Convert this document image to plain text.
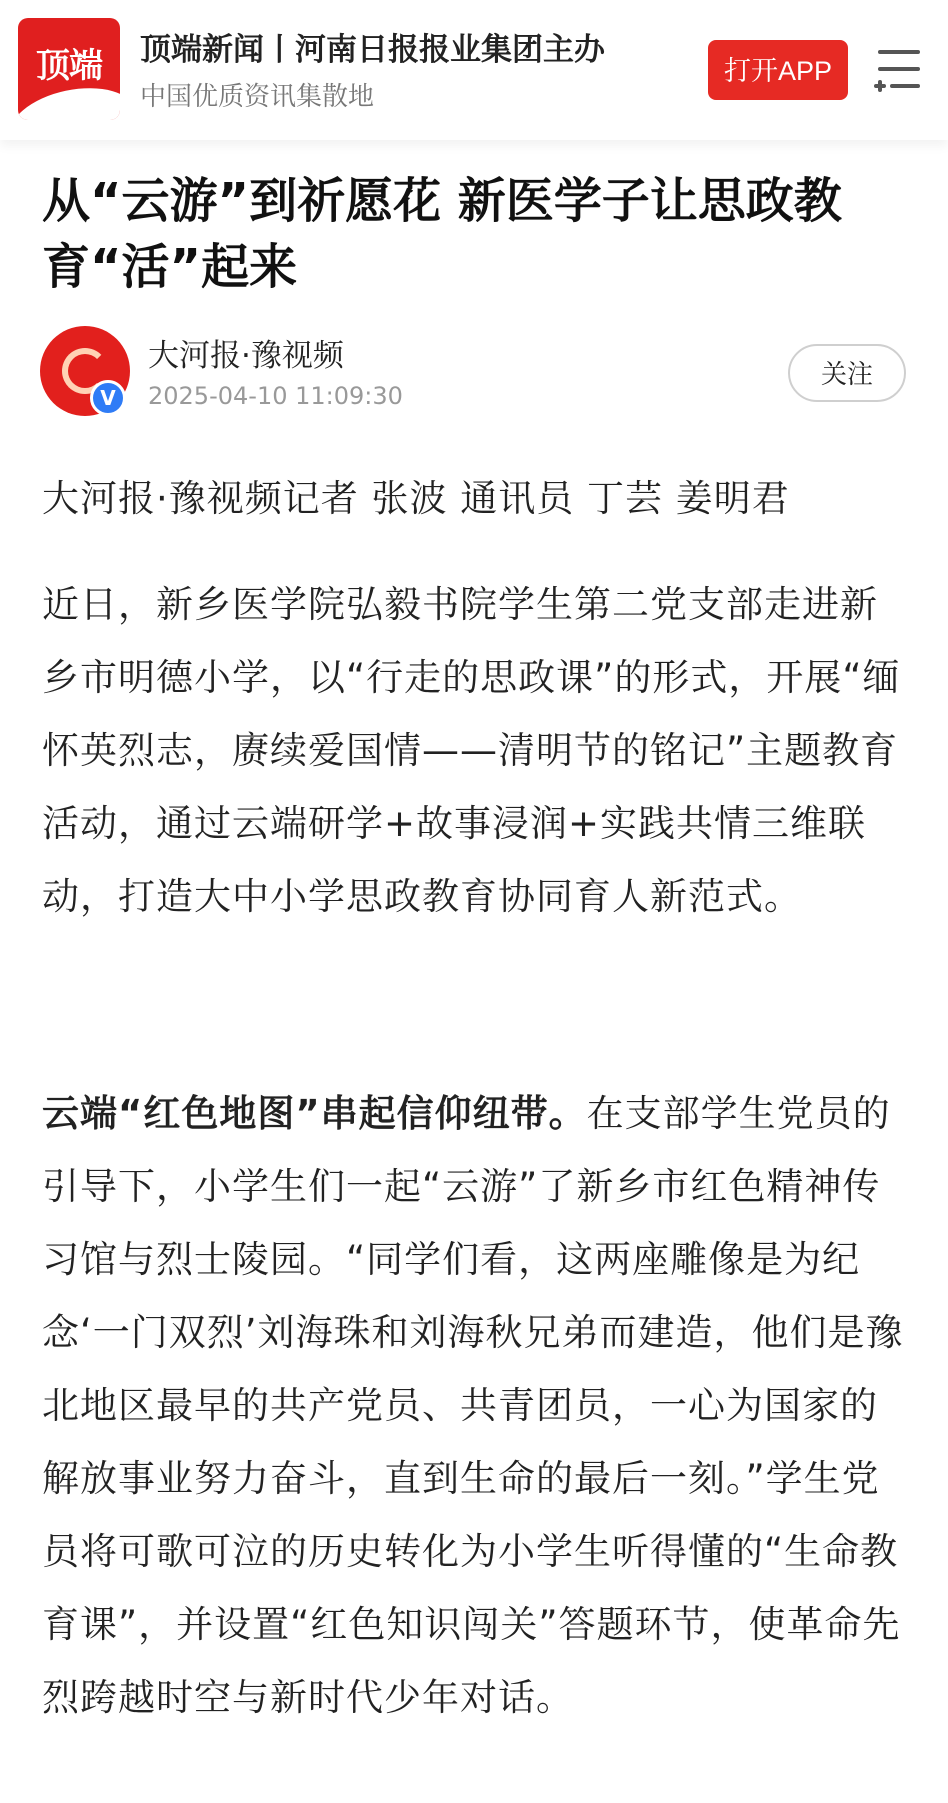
顶端	顶端新闻丨河南日报报业集团主办
中国优质资讯集散地
打开APP
从“云游”到祈愿花 新医学子让思政教育“活”起来
V
大河报·豫视频
2025-04-10 11:09:30
关注

大河报·豫视频记者 张波 通讯员 丁芸 姜明君

近日，新乡医学院弘毅书院学生第二党支部走进新乡市明德小学，以“行走的思政课”的形式，开展“缅怀英烈志，赓续爱国情——清明节的铭记”主题教育活动，通过云端研学+故事浸润+实践共情三维联动，打造大中小学思政教育协同育人新范式。

云端“红色地图”串起信仰纽带。在支部学生党员的引导下，小学生们一起“云游”了新乡市红色精神传习馆与烈士陵园。“同学们看，这两座雕像是为纪念‘一门双烈’刘海珠和刘海秋兄弟而建造，他们是豫北地区最早的共产党员、共青团员，一心为国家的解放事业努力奋斗，直到生命的最后一刻。”学生党员将可歌可泣的历史转化为小学生听得懂的“生命教育课”，并设置“红色知识闯关”答题环节，使革命先烈跨越时空与新时代少年对话。
